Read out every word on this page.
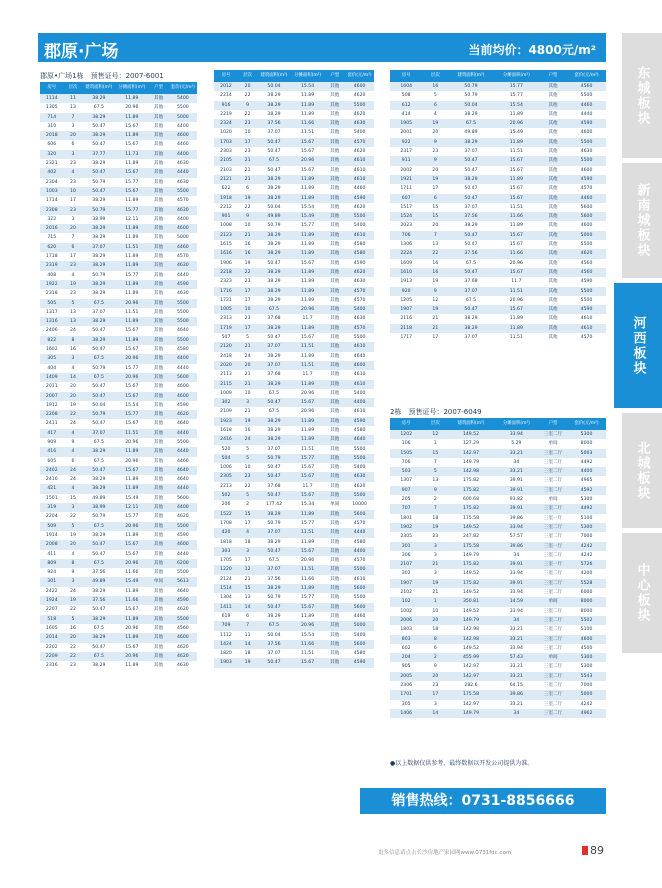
郡原·广场	当前均价：4800元/m²
郡原•广场1栋　预售证号：2007-6001
房号	层次	建筑面积(m²)	分摊面积(m²)	户型	套价(元/m²)
1114	11	38.29	11.89	其他	5400
1305	13	67.5	20.96	其他	5500
714	7	38.29	11.89	其他	5000
310	3	50.47	15.67	其他	4400
2018	20	38.29	11.89	其他	4600
606	6	50.47	15.67	其他	4460
320	3	37.77	11.73	其他	4400
2321	23	38.29	11.89	其他	4630
402	4	50.47	15.67	其他	4440
2304	23	50.79	15.77	其他	4630
1003	10	50.47	15.67	其他	5500
1714	17	38.29	11.89	其他	4570
2308	23	50.79	15.77	其他	4630
322	3	38.99	12.11	其他	4400
2016	20	38.29	11.89	其他	4600
715	7	38.29	11.89	其他	5000
620	6	37.07	11.51	其他	4460
1718	17	38.29	11.89	其他	4570
2319	23	38.29	11.89	其他	4630
408	4	50.79	15.77	其他	4440
1922	19	38.29	11.89	其他	4590
2318	23	38.29	11.89	其他	4630
505	5	67.5	20.96	其他	5500
1317	13	37.07	11.51	其他	5500
1316	13	38.29	11.89	其他	5500
2406	24	50.47	15.67	其他	4640
822	8	38.29	11.89	其他	5500
1602	16	50.47	15.67	其他	4580
305	3	67.5	20.96	其他	4400
404	4	50.79	15.77	其他	4440
1409	14	67.5	20.96	其他	5600
2011	20	50.47	15.67	其他	4600
2007	20	50.47	15.67	其他	4600
1912	19	50.04	15.54	其他	4590
2208	22	50.79	15.77	其他	4620
2411	24	50.47	15.67	其他	4640
417	4	37.07	11.51	其他	4440
909	9	67.5	20.96	其他	5500
416	4	38.29	11.89	其他	4440
605	6	67.5	20.96	其他	4460
2402	24	50.47	15.67	其他	4640
2416	24	38.29	11.89	其他	4640
421	4	38.29	11.89	其他	4440
1501	15	49.89	15.49	其他	5600
319	3	38.99	12.11	其他	4400
2204	22	50.79	15.77	其他	4620
509	5	67.5	20.96	其他	5500
1914	19	38.29	11.89	其他	4590
2008	20	50.47	15.67	其他	4600
411	4	50.47	15.67	其他	4440
809	8	67.5	20.96	其他	6200
924	9	37.56	11.66	其他	5500
301	3	49.89	15.49	单间	5613
2422	24	38.29	11.89	其他	4640
1924	19	37.56	11.66	其他	4590
2207	22	50.47	15.67	其他	4620
518	5	38.29	11.89	其他	5500
1605	16	67.5	20.96	其他	4560
2014	20	38.29	11.89	其他	4600
2202	22	50.47	15.67	其他	4620
2209	22	67.5	20.96	其他	4620
2316	23	38.29	11.89	其他	4630
房号	层次	建筑面积(m²)	分摊面积(m²)	户型	套价(元/m²)
2012	20	50.04	15.54	其他	4600
2214	22	38.29	11.89	其他	4620
916	9	38.29	11.89	其他	5500
2219	22	38.29	11.89	其他	4620
2324	23	37.56	11.66	其他	4630
1020	10	37.07	11.51	其他	5400
1703	17	50.47	15.67	其他	4570
2303	23	50.47	15.67	其他	4620
2105	21	67.5	20.96	其他	4610
2103	21	50.47	15.67	其他	4610
2121	21	38.29	11.89	其他	4610
622	6	38.29	11.89	其他	4460
1918	19	38.29	11.89	其他	4590
2212	22	50.04	15.54	其他	4620
901	9	49.89	15.49	其他	5500
1008	10	50.79	15.77	其他	5400
2123	21	38.29	11.89	其他	4610
1615	16	38.29	11.89	其他	4580
1616	16	38.29	11.89	其他	4580
1906	19	50.47	15.67	其他	4590
2218	22	38.29	11.89	其他	4620
2323	23	38.29	11.89	其他	4630
1716	17	38.29	11.89	其他	4570
1721	17	38.29	11.89	其他	4570
1005	10	67.5	20.96	其他	5400
2313	23	37.68	11.7	其他	4630
1719	17	38.29	11.89	其他	4570
507	5	50.47	15.67	其他	5500
2120	21	37.07	11.51	其他	4610
2418	24	38.29	11.89	其他	4640
2020	20	37.07	11.51	其他	4600
2113	21	37.68	11.7	其他	4610
2115	21	38.29	11.89	其他	4610
1009	10	67.5	20.96	其他	5400
302	3	50.47	15.67	其他	4400
2109	21	67.5	20.96	其他	4610
1923	19	38.29	11.89	其他	4590
1618	16	38.29	11.89	其他	4580
2416	24	38.29	11.89	其他	4640
520	5	37.07	11.51	其他	5500
504	5	50.79	15.77	其他	5500
1006	10	50.47	15.67	其他	5400
2305	23	50.47	15.67	其他	4630
2213	22	37.68	11.7	其他	4620
502	5	50.47	15.67	其他	5500
206	2	177.42	15.34	单间	10000
1522	15	38.29	11.89	其他	5600
1708	17	50.79	15.77	其他	4570
420	4	37.07	11.51	其他	4440
1818	18	38.29	11.89	其他	4580
303	3	50.47	15.67	其他	4400
1705	17	67.5	20.96	其他	4570
1220	12	37.07	11.51	其他	5500
2124	21	37.56	11.66	其他	4610
1514	15	38.29	11.89	其他	5600
1304	13	50.79	15.77	其他	5500
1411	14	50.47	15.67	其他	5600
619	6	38.29	11.89	其他	4460
709	7	67.5	20.96	其他	5000
1112	11	50.04	15.54	其他	5400
1424	14	37.56	11.66	其他	5600
1820	18	37.07	11.51	其他	4580
1903	19	50.47	15.67	其他	4590
房号	层次	建筑面积(m²)	分摊面积(m²)	户型	套价(元/m²)
1604	16	50.79	15.77	其他	4560
508	5	50.79	15.77	其他	5500
612	6	50.04	15.54	其他	4460
414	4	38.29	11.89	其他	4440
1905	19	67.5	20.96	其他	4590
2001	20	49.89	15.49	其他	4600
922	9	38.29	11.89	其他	5500
2317	23	37.07	11.51	其他	4630
911	9	50.47	15.67	其他	5500
2002	20	50.47	15.67	其他	4600
1921	19	38.29	11.89	其他	4590
1711	17	50.47	15.67	其他	4570
607	6	50.47	15.67	其他	4460
1517	15	37.07	11.51	其他	5600
1524	15	37.56	11.66	其他	5600
2023	20	38.29	11.89	其他	4600
706	7	50.47	15.67	其他	5000
1306	13	50.47	15.67	其他	5500
2224	22	37.56	11.66	其他	4620
1609	16	67.5	20.96	其他	4560
1610	16	50.47	15.67	其他	4560
1913	19	37.68	11.7	其他	4590
920	9	37.07	11.51	其他	5500
1205	12	67.5	20.96	其他	5500
1907	19	50.47	15.67	其他	4590
2116	21	38.29	11.89	其他	4610
2118	21	38.29	11.89	其他	4610
1717	17	37.07	11.51	其他	4570
2栋　预售证号：2007-6049
房号	层次	建筑面积(m²)	分摊面积(m²)	户型	套价(元/m²)
1202	12	149.52	33.94	三室二厅	5300
106	1	127.29	5.29	单间	8000
1505	15	142.97	33.21	三室二厅	5003
706	7	149.79	34	三室二厅	4492
503	5	142.98	33.21	三室二厅	4400
1307	13	175.82	39.91	三室二厅	4965
907	9	175.82	39.91	三室二厅	4592
205	2	600.68	93.82	单间	5300
707	7	175.82	39.91	三室二厅	4492
1801	18	175.58	39.86	三室一厅	5100
1902	19	149.52	33.94	三室二厅	5300
2305	23	247.82	57.57	三室二厅	7000
301	3	175.58	39.86	三室一厅	4242
306	3	149.79	34	三室二厅	4242
2107	21	175.82	39.91	三室一厅	5726
302	3	149.52	33.94	三室二厅	4200
1907	19	175.82	39.91	三室二厅	5528
2102	21	149.52	33.94	三室二厅	6000
102	1	350.81	14.59	单间	8000
1002	10	149.52	33.94	三室二厅	8000
2006	20	149.79	34	三室二厅	5502
1803	18	142.98	33.21	三室二厅	5100
803	8	142.98	33.21	三室二厅	4600
602	6	149.52	33.94	三室二厅	4500
204	2	455.99	57.43	单间	5300
905	9	142.97	33.21	三室二厅	5300
2005	20	142.97	33.21	三室二厅	5543
2306	23	282.6	64.15	三室二厅	7000
1701	17	175.58	39.86	三室二厅	5000
305	3	142.97	33.21	三室二厅	4242
1406	14	149.79	34	三室二厅	4962
●以上数据仅供参考，最终数据以开发公司提供为准。
销售热线：0731-8856666
东城板块
新南城板块
河西板块
北城板块
中心板块
更多信息请点击长沙房地产家园网www.0731fdc.com	89
